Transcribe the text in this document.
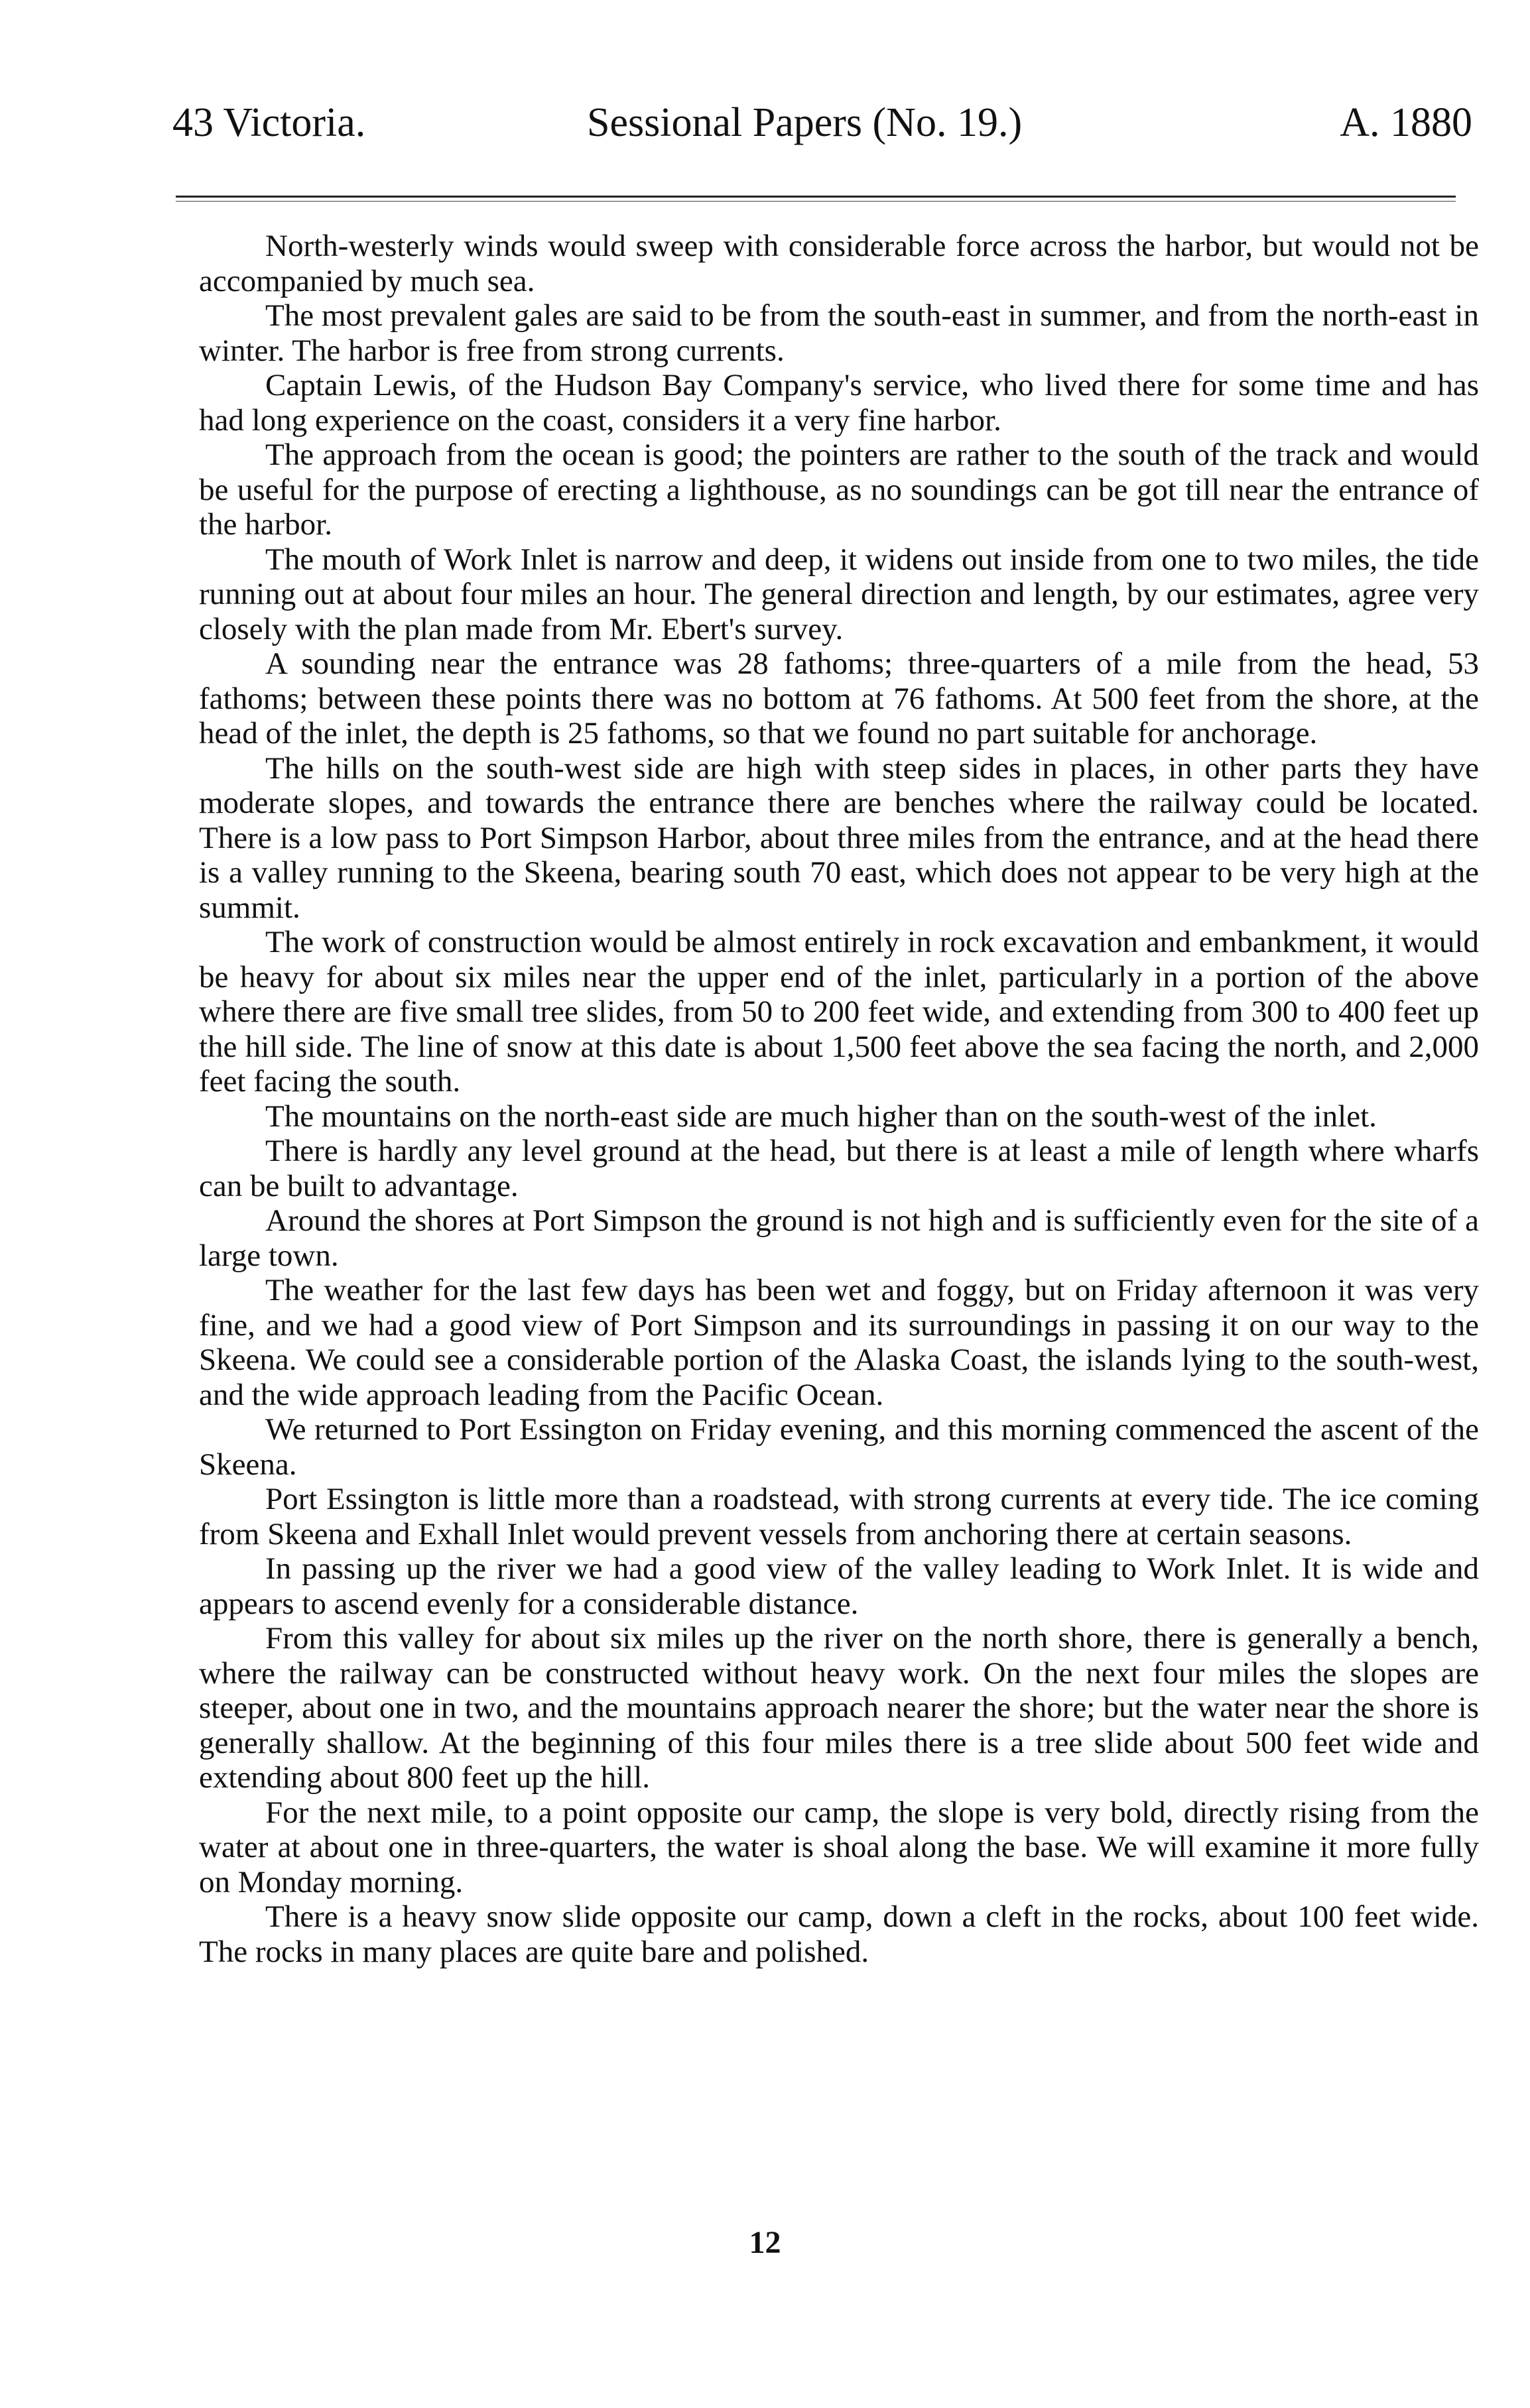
43 Victoria.	Sessional Papers (No. 19.)	A. 1880

North-westerly winds would sweep with considerable force across the harbor, but would not be accompanied by much sea.

The most prevalent gales are said to be from the south-east in summer, and from the north-east in winter. The harbor is free from strong currents.

Captain Lewis, of the Hudson Bay Company's service, who lived there for some time and has had long experience on the coast, considers it a very fine harbor.

The approach from the ocean is good; the pointers are rather to the south of the track and would be useful for the purpose of erecting a lighthouse, as no soundings can be got till near the entrance of the harbor.

The mouth of Work Inlet is narrow and deep, it widens out inside from one to two miles, the tide running out at about four miles an hour. The general direction and length, by our estimates, agree very closely with the plan made from Mr. Ebert's survey.

A sounding near the entrance was 28 fathoms; three-quarters of a mile from the head, 53 fathoms; between these points there was no bottom at 76 fathoms. At 500 feet from the shore, at the head of the inlet, the depth is 25 fathoms, so that we found no part suitable for anchorage.

The hills on the south-west side are high with steep sides in places, in other parts they have moderate slopes, and towards the entrance there are benches where the railway could be located. There is a low pass to Port Simpson Harbor, about three miles from the entrance, and at the head there is a valley running to the Skeena, bearing south 70 east, which does not appear to be very high at the summit.

The work of construction would be almost entirely in rock excavation and embankment, it would be heavy for about six miles near the upper end of the inlet, particularly in a portion of the above where there are five small tree slides, from 50 to 200 feet wide, and extending from 300 to 400 feet up the hill side. The line of snow at this date is about 1,500 feet above the sea facing the north, and 2,000 feet facing the south.

The mountains on the north-east side are much higher than on the south-west of the inlet.

There is hardly any level ground at the head, but there is at least a mile of length where wharfs can be built to advantage.

Around the shores at Port Simpson the ground is not high and is sufficiently even for the site of a large town.

The weather for the last few days has been wet and foggy, but on Friday afternoon it was very fine, and we had a good view of Port Simpson and its surroundings in passing it on our way to the Skeena. We could see a considerable portion of the Alaska Coast, the islands lying to the south-west, and the wide approach leading from the Pacific Ocean.

We returned to Port Essington on Friday evening, and this morning commenced the ascent of the Skeena.

Port Essington is little more than a roadstead, with strong currents at every tide. The ice coming from Skeena and Exhall Inlet would prevent vessels from anchoring there at certain seasons.

In passing up the river we had a good view of the valley leading to Work Inlet. It is wide and appears to ascend evenly for a considerable distance.

From this valley for about six miles up the river on the north shore, there is generally a bench, where the railway can be constructed without heavy work. On the next four miles the slopes are steeper, about one in two, and the mountains approach nearer the shore; but the water near the shore is generally shallow. At the beginning of this four miles there is a tree slide about 500 feet wide and extending about 800 feet up the hill.

For the next mile, to a point opposite our camp, the slope is very bold, directly rising from the water at about one in three-quarters, the water is shoal along the base. We will examine it more fully on Monday morning.

There is a heavy snow slide opposite our camp, down a cleft in the rocks, about 100 feet wide. The rocks in many places are quite bare and polished.

12
